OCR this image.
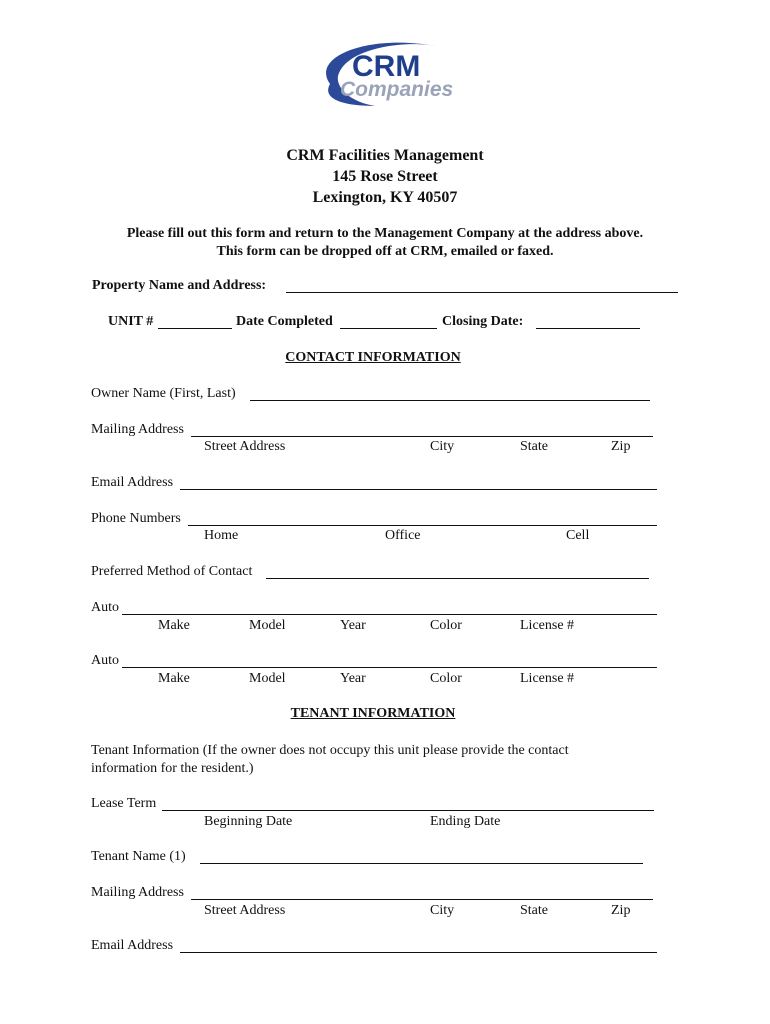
CRM
Companies
CRM Facilities Management
145 Rose Street
Lexington, KY 40507
Please fill out this form and return to the Management Company at the address above.
This form can be dropped off at CRM, emailed or faxed.
Property Name and Address:
UNIT #	Date Completed	Closing Date:
CONTACT INFORMATION
Owner Name (First, Last)
Mailing Address
Street Address	City	State	Zip
Email Address
Phone Numbers
Home	Office	Cell
Preferred Method of Contact
Auto
Make	Model	Year	Color	License #
Auto
Make	Model	Year	Color	License #
TENANT INFORMATION
Tenant Information (If the owner does not occupy this unit please provide the contact
information for the resident.)
Lease Term
Beginning Date	Ending Date
Tenant Name (1)
Mailing Address
Street Address	City	State	Zip
Email Address
